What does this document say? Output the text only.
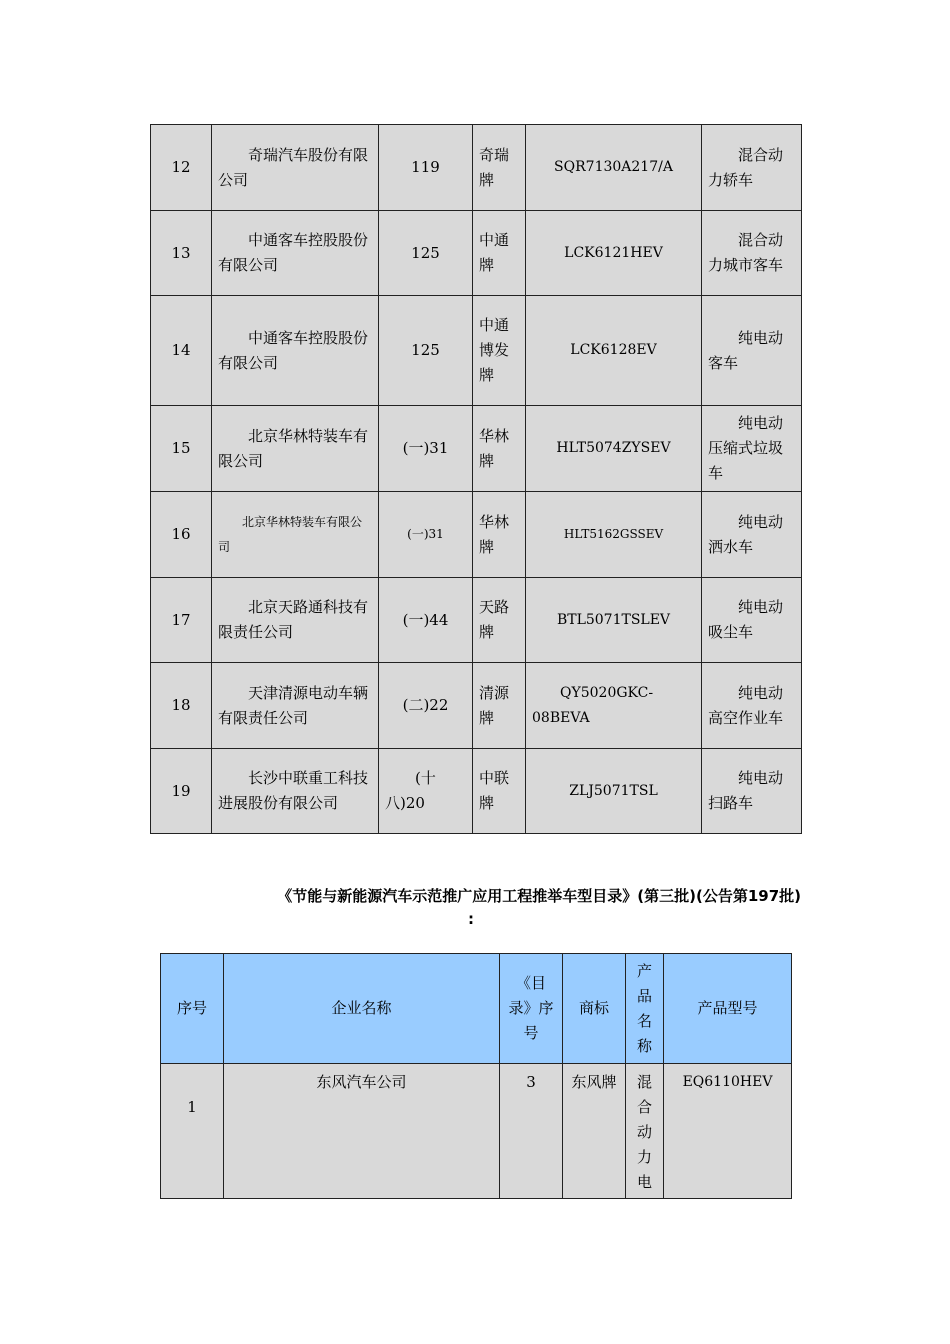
12	奇瑞汽车股份有限公司	119	奇瑞牌	SQR7130A217/A	混合动力轿车
13	中通客车控股股份有限公司	125	中通牌	LCK6121HEV	混合动力城市客车
14	中通客车控股股份有限公司	125	中通博发牌	LCK6128EV	纯电动客车
15	北京华林特装车有限公司	(一)31	华林牌	HLT5074ZYSEV	纯电动压缩式垃圾车
16	北京华林特装车有限公司	(一)31	华林牌	HLT5162GSSEV	纯电动洒水车
17	北京天路通科技有限责任公司	(一)44	天路牌	BTL5071TSLEV	纯电动吸尘车
18	天津清源电动车辆有限责任公司	(二)22	清源牌	QY5020GKC-08BEVA	纯电动高空作业车
19	长沙中联重工科技进展股份有限公司	(十八)20	中联牌	ZLJ5071TSL	纯电动扫路车
《节能与新能源汽车示范推广应用工程推举车型目录》(第三批)(公告第197批)
:
序号	企业名称	《目录》序号	商标	产品名称	产品型号
1	东风汽车公司	3	东风牌	混合动力电	EQ6110HEV
